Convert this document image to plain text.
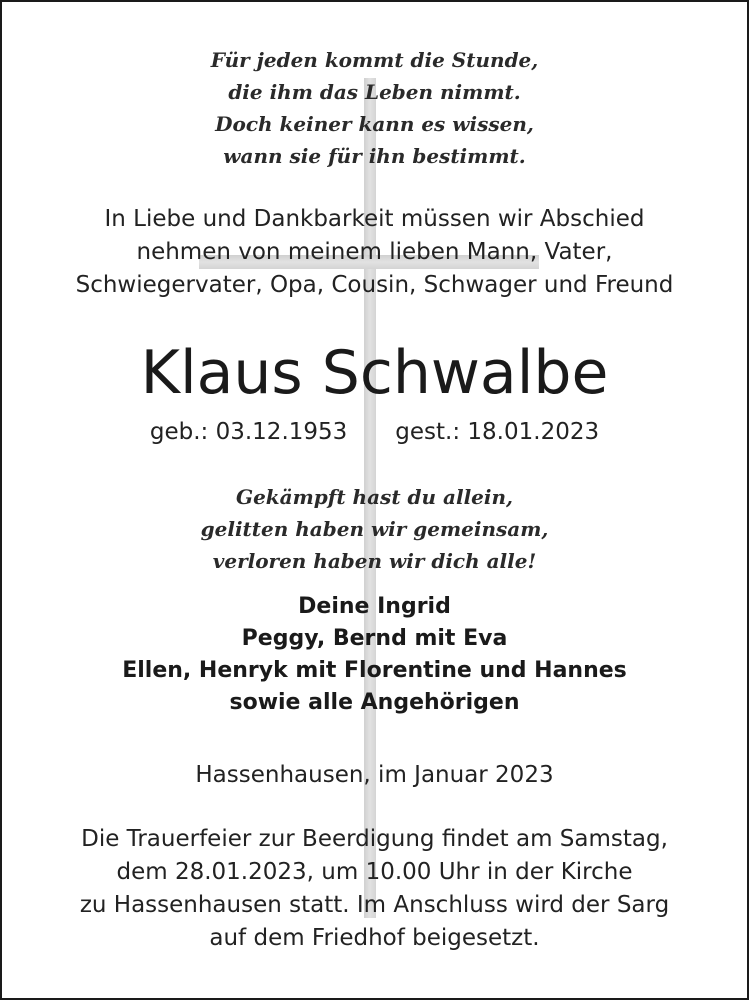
Für jeden kommt die Stunde,
die ihm das Leben nimmt.
Doch keiner kann es wissen,
wann sie für ihn bestimmt.
In Liebe und Dankbarkeit müssen wir Abschied
nehmen von meinem lieben Mann, Vater,
Schwiegervater, Opa, Cousin, Schwager und Freund
Klaus Schwalbe
geb.: 03.12.1953 gest.: 18.01.2023
Gekämpft hast du allein,
gelitten haben wir gemeinsam,
verloren haben wir dich alle!
Deine Ingrid
Peggy, Bernd mit Eva
Ellen, Henryk mit Florentine und Hannes
sowie alle Angehörigen
Hassenhausen, im Januar 2023
Die Trauerfeier zur Beerdigung findet am Samstag,
dem 28.01.2023, um 10.00 Uhr in der Kirche
zu Hassenhausen statt. Im Anschluss wird der Sarg
auf dem Friedhof beigesetzt.
